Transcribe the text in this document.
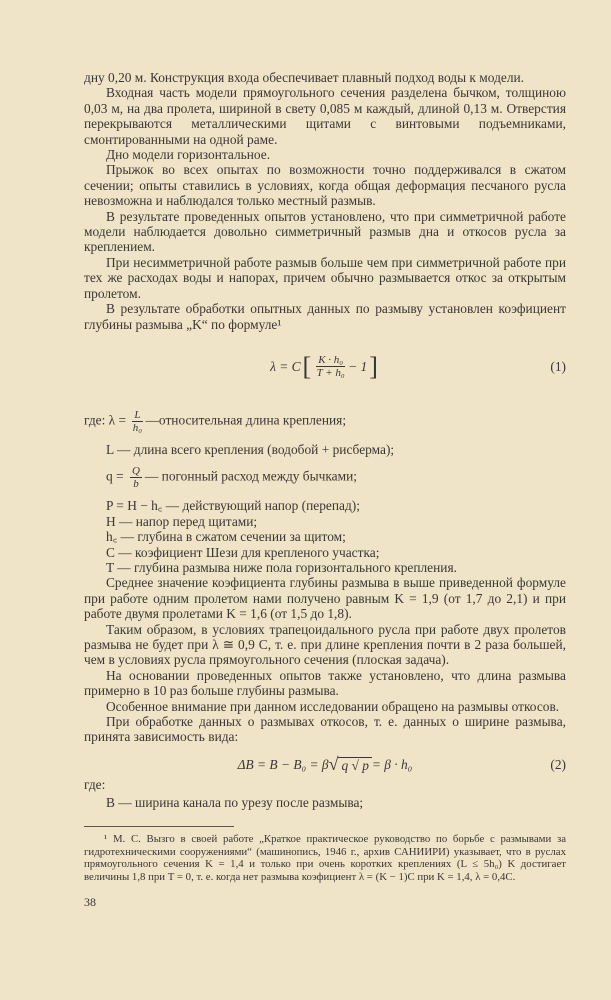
дну 0,20 м. Конструкция входа обеспечивает плавный подход воды к модели.

Входная часть модели прямоугольного сечения разделена бычком, толщиною 0,03 м, на два пролета, шириной в свету 0,085 м каждый, длиной 0,13 м. Отверстия перекрываются металлическими щитами с винтовыми подъемниками, смонтированными на одной раме.

Дно модели горизонтальное.

Прыжок во всех опытах по возможности точно поддерживался в сжатом сечении; опыты ставились в условиях, когда общая деформация песчаного русла невозможна и наблюдался только местный размыв.

В результате проведенных опытов установлено, что при симметричной работе модели наблюдается довольно симметричный размыв дна и откосов русла за креплением.

При несимметричной работе размыв больше чем при симметричной работе при тех же расходах воды и напорах, причем обычно размывается откос за открытым пролетом.

В результате обработки опытных данных по размыву установлен коэфициент глубины размыва „K“ по формуле¹

λ = C [ $\frac{\text{K · h₀}}{\text{T + h₀}} - 1$ ]	(1)

где: $\lambda = \frac{L}{\text{h₀}}$ —относительная длина крепления;

L — длина всего крепления (водобой + рисберма);

$q = \frac{Q}{b}$ — погонный расход между бычками;

P = H − h꜀ — действующий напор (перепад);

H — напор перед щитами;

h꜀ — глубина в сжатом сечении за щитом;

C — коэфициент Шези для крепленого участка;

T — глубина размыва ниже пола горизонтального крепления.

Среднее значение коэфициента глубины размыва в выше приведенной формуле при работе одним пролетом нами получено равным K = 1,9 (от 1,7 до 2,1) и при работе двумя пролетами K = 1,6 (от 1,5 до 1,8).

Таким образом, в условиях трапецоидального русла при работе двух пролетов размыва не будет при λ ≅ 0,9 C, т. е. при длине крепления почти в 2 раза большей, чем в условиях русла прямоугольного сечения (плоская задача).

На основании проведенных опытов также установлено, что длина размыва примерно в 10 раз больше глубины размыва.

Особенное внимание при данном исследовании обращено на размывы откосов.

При обработке данных о размывах откосов, т. е. данных о ширине размыва, принята зависимость вида:

ΔB = B − B₀ = β √ q √ p = β · h₀	(2)

где:

B — ширина канала по урезу после размыва;

¹ М. С. Вызго в своей работе „Краткое практическое руководство по борьбе с размывами за гидротехническими сооружениями“ (машинопись, 1946 г., архив САНИИРИ) указывает, что в руслах прямоугольного сечения K = 1,4 и только при очень коротких креплениях (L ≤ 5h₀) K достигает величины 1,8 при T = 0, т. е. когда нет размыва коэфициент λ = (K − 1)C при K = 1,4, λ = 0,4C.

38
